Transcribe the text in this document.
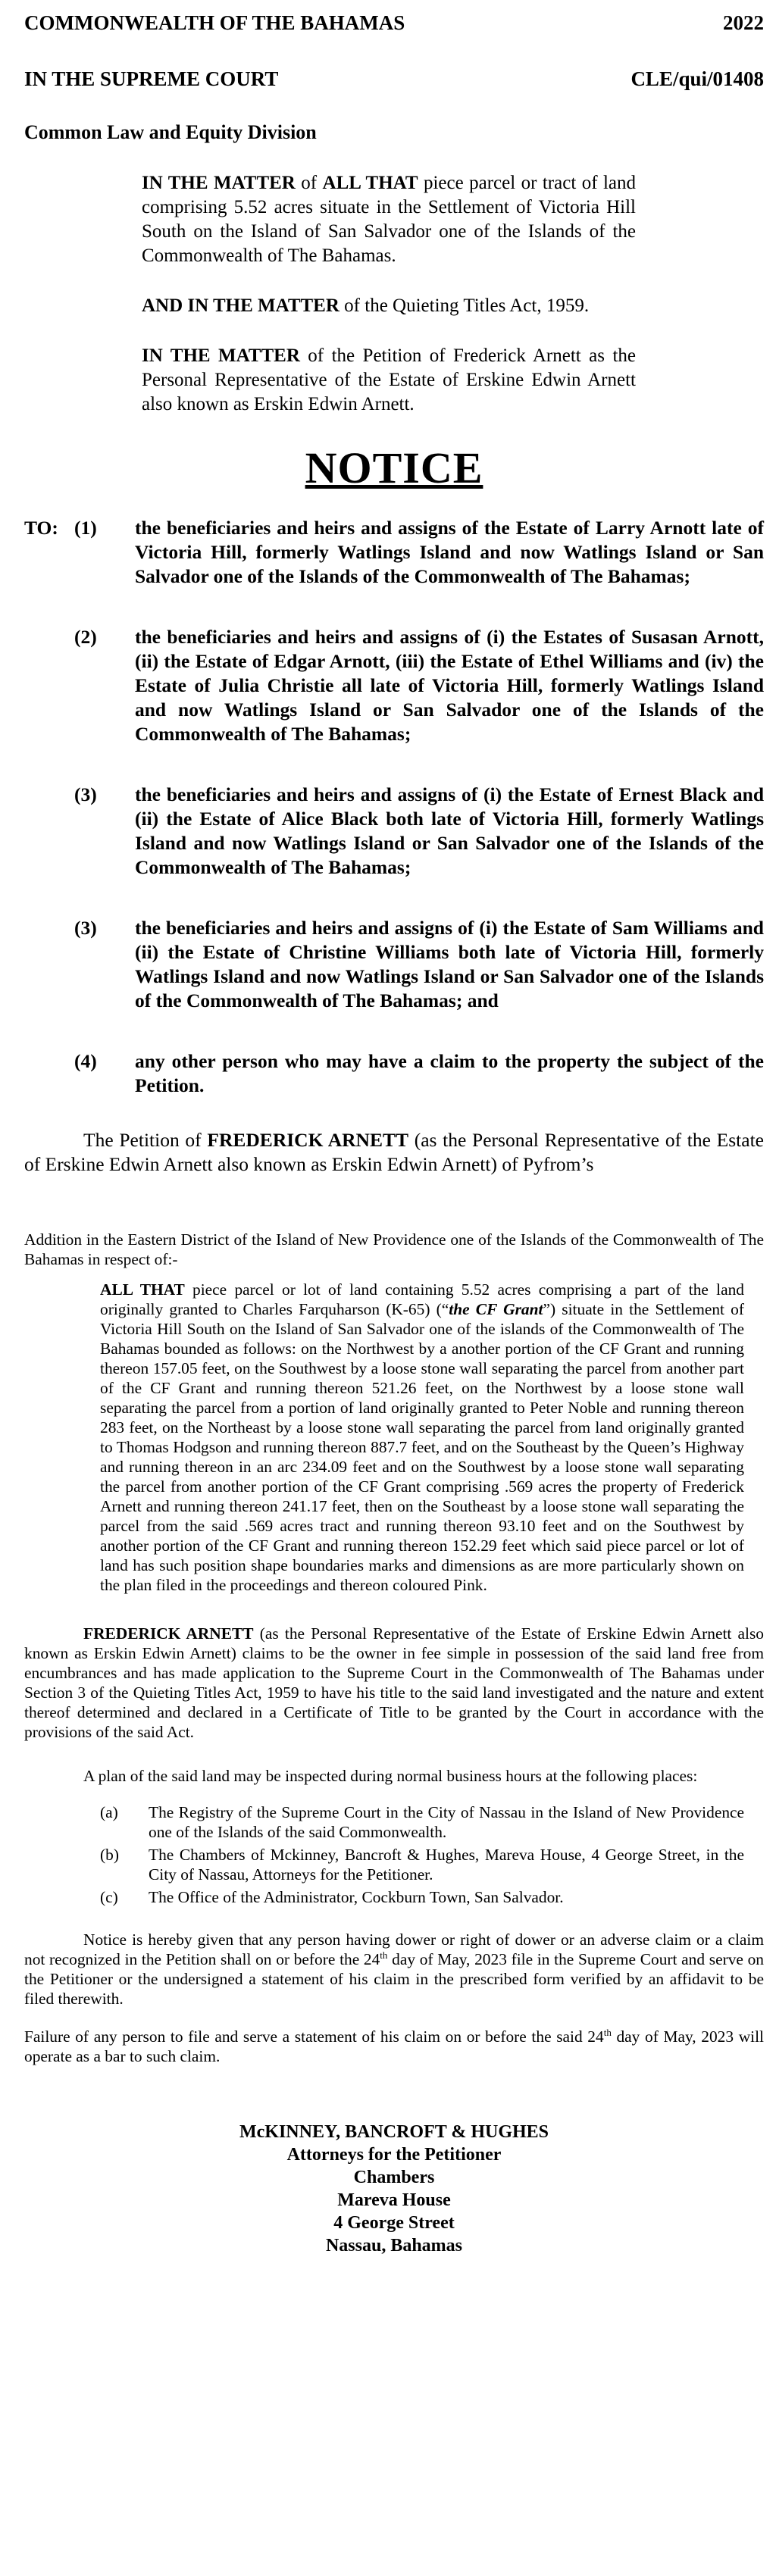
COMMONWEALTH OF THE BAHAMAS	2022
IN THE SUPREME COURT	CLE/qui/01408
Common Law and Equity Division

IN THE MATTER of ALL THAT piece parcel or tract of land comprising 5.52 acres situate in the Settlement of Victoria Hill South on the Island of San Salvador one of the Islands of the Commonwealth of The Bahamas.

AND IN THE MATTER of the Quieting Titles Act, 1959.

IN THE MATTER of the Petition of Frederick Arnett as the Personal Representative of the Estate of Erskine Edwin Arnett also known as Erskin Edwin Arnett.

NOTICE
TO: (1)	the beneficiaries and heirs and assigns of the Estate of Larry Arnott late of Victoria Hill, formerly Watlings Island and now Watlings Island or San Salvador one of the Islands of the Commonwealth of The Bahamas;
(2)	the beneficiaries and heirs and assigns of (i) the Estates of Susasan Arnott, (ii) the Estate of Edgar Arnott, (iii) the Estate of Ethel Williams and (iv) the Estate of Julia Christie all late of Victoria Hill, formerly Watlings Island and now Watlings Island or San Salvador one of the Islands of the Commonwealth of The Bahamas;
(3)	the beneficiaries and heirs and assigns of (i) the Estate of Ernest Black and (ii) the Estate of Alice Black both late of Victoria Hill, formerly Watlings Island and now Watlings Island or San Salvador one of the Islands of the Commonwealth of The Bahamas;
(3)	the beneficiaries and heirs and assigns of (i) the Estate of Sam Williams and (ii) the Estate of Christine Williams both late of Victoria Hill, formerly Watlings Island and now Watlings Island or San Salvador one of the Islands of the Commonwealth of The Bahamas; and
(4)	any other person who may have a claim to the property the subject of the Petition.

The Petition of FREDERICK ARNETT (as the Personal Representative of the Estate of Erskine Edwin Arnett also known as Erskin Edwin Arnett) of Pyfrom’s

Addition in the Eastern District of the Island of New Providence one of the Islands of the Commonwealth of The Bahamas in respect of:-

ALL THAT piece parcel or lot of land containing 5.52 acres comprising a part of the land originally granted to Charles Farquharson (K-65) (“the CF Grant”) situate in the Settlement of Victoria Hill South on the Island of San Salvador one of the islands of the Commonwealth of The Bahamas bounded as follows: on the Northwest by a another portion of the CF Grant and running thereon 157.05 feet, on the Southwest by a loose stone wall separating the parcel from another part of the CF Grant and running thereon 521.26 feet, on the Northwest by a loose stone wall separating the parcel from a portion of land originally granted to Peter Noble and running thereon 283 feet, on the Northeast by a loose stone wall separating the parcel from land originally granted to Thomas Hodgson and running thereon 887.7 feet, and on the Southeast by the Queen’s Highway and running thereon in an arc 234.09 feet and on the Southwest by a loose stone wall separating the parcel from another portion of the CF Grant comprising .569 acres the property of Frederick Arnett and running thereon 241.17 feet, then on the Southeast by a loose stone wall separating the parcel from the said .569 acres tract and running thereon 93.10 feet and on the Southwest by another portion of the CF Grant and running thereon 152.29 feet which said piece parcel or lot of land has such position shape boundaries marks and dimensions as are more particularly shown on the plan filed in the proceedings and thereon coloured Pink.

FREDERICK ARNETT (as the Personal Representative of the Estate of Erskine Edwin Arnett also known as Erskin Edwin Arnett) claims to be the owner in fee simple in possession of the said land free from encumbrances and has made application to the Supreme Court in the Commonwealth of The Bahamas under Section 3 of the Quieting Titles Act, 1959 to have his title to the said land investigated and the nature and extent thereof determined and declared in a Certificate of Title to be granted by the Court in accordance with the provisions of the said Act.

A plan of the said land may be inspected during normal business hours at the following places:

(a)	The Registry of the Supreme Court in the City of Nassau in the Island of New Providence one of the Islands of the said Commonwealth.
(b)	The Chambers of Mckinney, Bancroft & Hughes, Mareva House, 4 George Street, in the City of Nassau, Attorneys for the Petitioner.
(c)	The Office of the Administrator, Cockburn Town, San Salvador.

Notice is hereby given that any person having dower or right of dower or an adverse claim or a claim not recognized in the Petition shall on or before the 24th day of May, 2023 file in the Supreme Court and serve on the Petitioner or the undersigned a statement of his claim in the prescribed form verified by an affidavit to be filed therewith.

Failure of any person to file and serve a statement of his claim on or before the said 24th day of May, 2023 will operate as a bar to such claim.

McKINNEY, BANCROFT & HUGHES
Attorneys for the Petitioner
Chambers
Mareva House
4 George Street
Nassau, Bahamas
